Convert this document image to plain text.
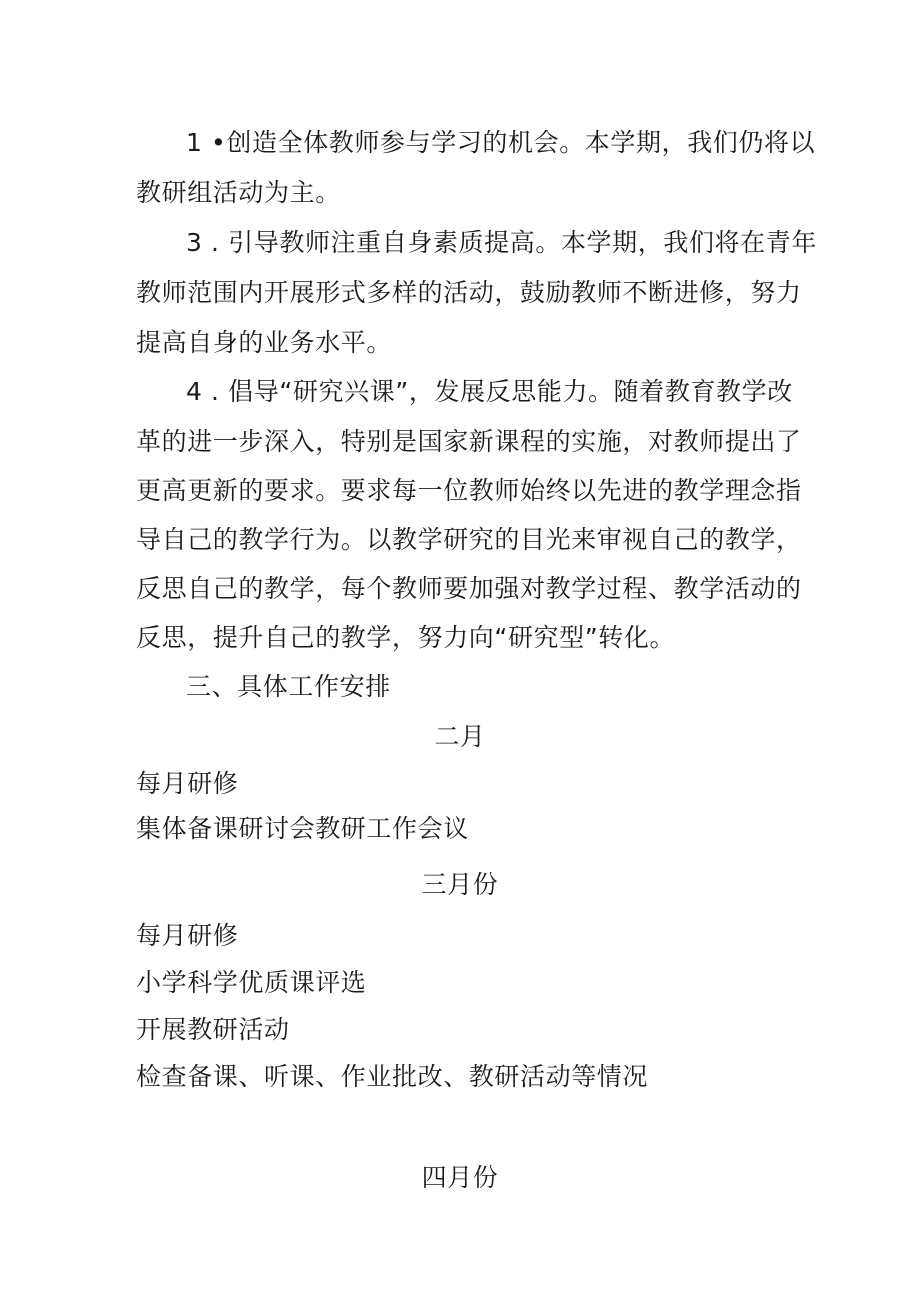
1 •创造全体教师参与学习的机会。本学期，我们仍将以
教研组活动为主。
3 . 引导教师注重自身素质提高。本学期，我们将在青年
教师范围内开展形式多样的活动，鼓励教师不断进修，努力
提高自身的业务水平。
4 . 倡导“研究兴课”，发展反思能力。随着教育教学改
革的进一步深入，特别是国家新课程的实施，对教师提出了
更高更新的要求。要求每一位教师始终以先进的教学理念指
导自己的教学行为。以教学研究的目光来审视自己的教学，
反思自己的教学，每个教师要加强对教学过程、教学活动的
反思，提升自己的教学，努力向“研究型”转化。
三、具体工作安排
二月
每月研修
集体备课研讨会教研工作会议
三月份
每月研修
小学科学优质课评选
开展教研活动
检查备课、听课、作业批改、教研活动等情况
四月份
